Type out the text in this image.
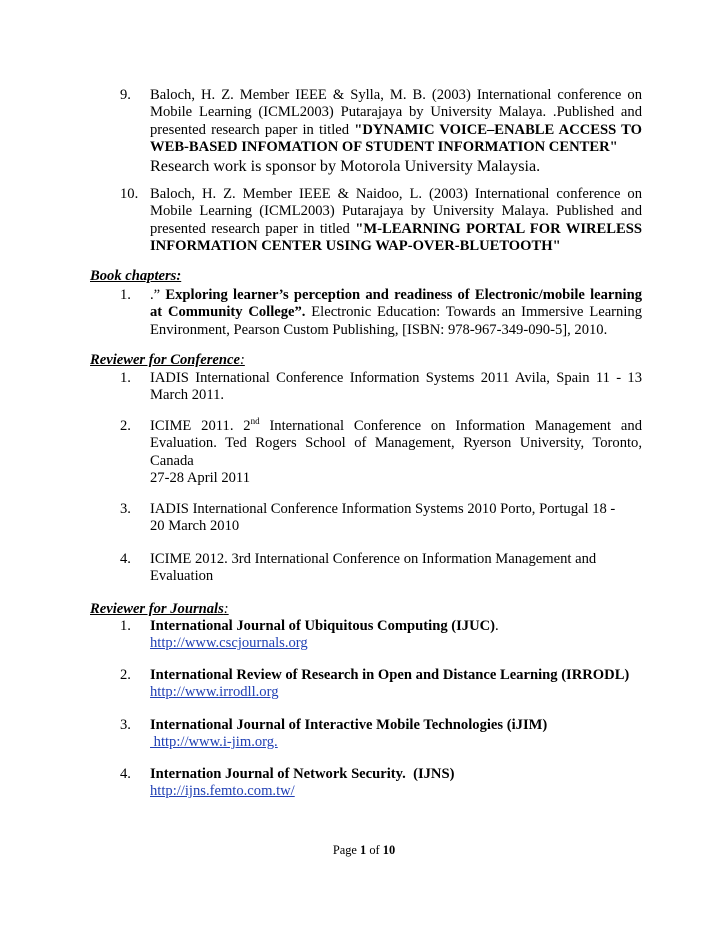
9. Baloch, H. Z. Member IEEE & Sylla, M. B. (2003) International conference on Mobile Learning (ICML2003) Putarajaya by University Malaya. .Published and presented research paper in titled "DYNAMIC VOICE–ENABLE ACCESS TO WEB-BASED INFOMATION OF STUDENT INFORMATION CENTER"
Research work is sponsor by Motorola University Malaysia.
10. Baloch, H. Z. Member IEEE & Naidoo, L. (2003) International conference on Mobile Learning (ICML2003) Putarajaya by University Malaya. Published and presented research paper in titled "M-LEARNING PORTAL FOR WIRELESS INFORMATION CENTER USING WAP-OVER-BLUETOOTH"
Book chapters:
1. .” Exploring learner’s perception and readiness of Electronic/mobile learning at Community College”. Electronic Education: Towards an Immersive Learning Environment, Pearson Custom Publishing, [ISBN: 978-967-349-090-5], 2010.
Reviewer for Conference:
1. IADIS International Conference Information Systems 2011 Avila, Spain 11 - 13 March 2011.
2. ICIME 2011. 2nd International Conference on Information Management and Evaluation. Ted Rogers School of Management, Ryerson University, Toronto, Canada
27-28 April 2011
3. IADIS International Conference Information Systems 2010 Porto, Portugal 18 - 20 March 2010
4. ICIME 2012. 3rd International Conference on Information Management and Evaluation
Reviewer for Journals:
1. International Journal of Ubiquitous Computing (IJUC).
http://www.cscjournals.org
2. International Review of Research in Open and Distance Learning (IRRODL)
http://www.irrodll.org
3. International Journal of Interactive Mobile Technologies (iJIM)
http://www.i-jim.org.
4. Internation Journal of Network Security.  (IJNS)
http://ijns.femto.com.tw/
Page 1 of 10
